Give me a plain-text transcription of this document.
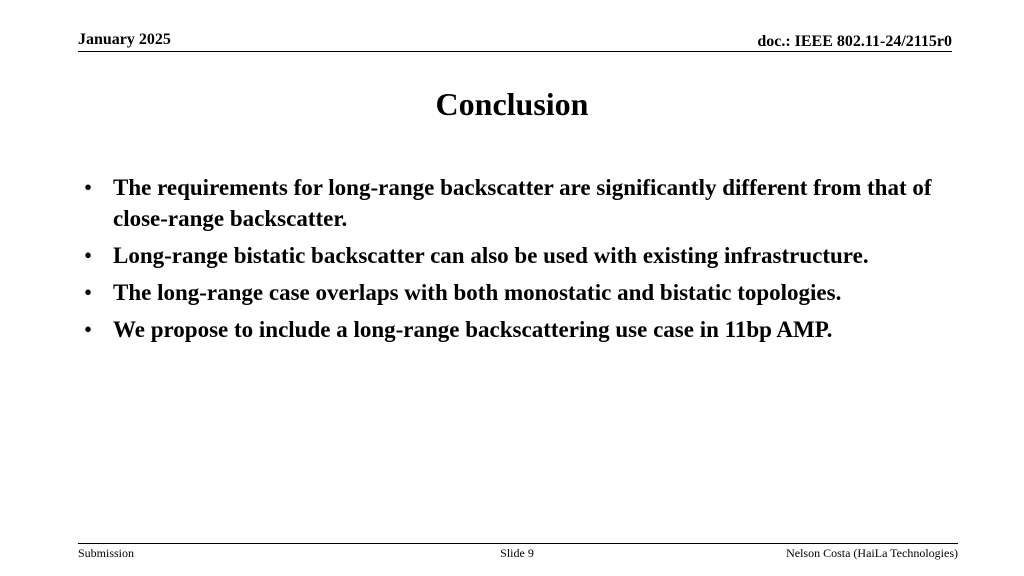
January 2025	doc.: IEEE 802.11-24/2115r0
Conclusion
• The requirements for long-range backscatter are significantly different from that of close-range backscatter.
• Long-range bistatic backscatter can also be used with existing infrastructure.
• The long-range case overlaps with both monostatic and bistatic topologies.
• We propose to include a long-range backscattering use case in 11bp AMP.
Submission	Slide 9	Nelson Costa (HaiLa Technologies)
